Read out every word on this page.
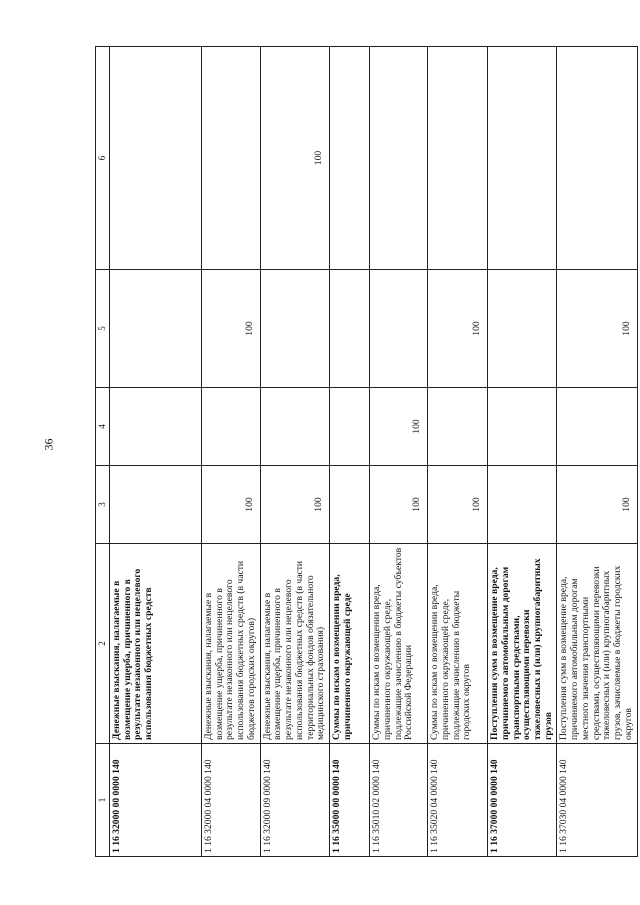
36
1	2	3	4	5	6
1 16 32000 00 0000 140	Денежные взыскания, налагаемые в возмещение ущерба, причиненного в результате незаконного или нецелевого использования бюджетных средств				
1 16 32000 04 0000 140	Денежные взыскания, налагаемые в возмещение ущерба, причиненного в результате незаконного или нецелевого использования бюджетных средств (в части бюджетов городских округов)	100		100	
1 16 32000 09 0000 140	Денежные взыскания, налагаемые в возмещение ущерба, причиненного в результате незаконного или нецелевого использования бюджетных средств (в части территориальных фондов обязательного медицинского страхования)	100			100
1 16 35000 00 0000 140	Суммы по искам о возмещении вреда, причиненного окружающей среде				
1 16 35010 02 0000 140	Суммы по искам о возмещении вреда, причиненного окружающей среде, подлежащие зачислению в бюджеты субъектов Российской Федерации	100	100		
1 16 35020 04 0000 140	Суммы по искам о возмещении вреда, причиненного окружающей среде, подлежащие зачислению в бюджеты городских округов	100		100	
1 16 37000 00 0000 140	Поступления сумм в возмещение вреда, причиняемого автомобильным дорогам транспортными средствами, осуществляющими перевозки тяжеловесных и (или) крупногабаритных грузов				
1 16 37030 04 0000 140	Поступления сумм в возмещение вреда, причиняемого автомобильным дорогам местного значения транспортными средствами, осуществляющими перевозки тяжеловесных и (или) крупногабаритных грузов, зачисляемые в бюджеты городских округов	100		100	
